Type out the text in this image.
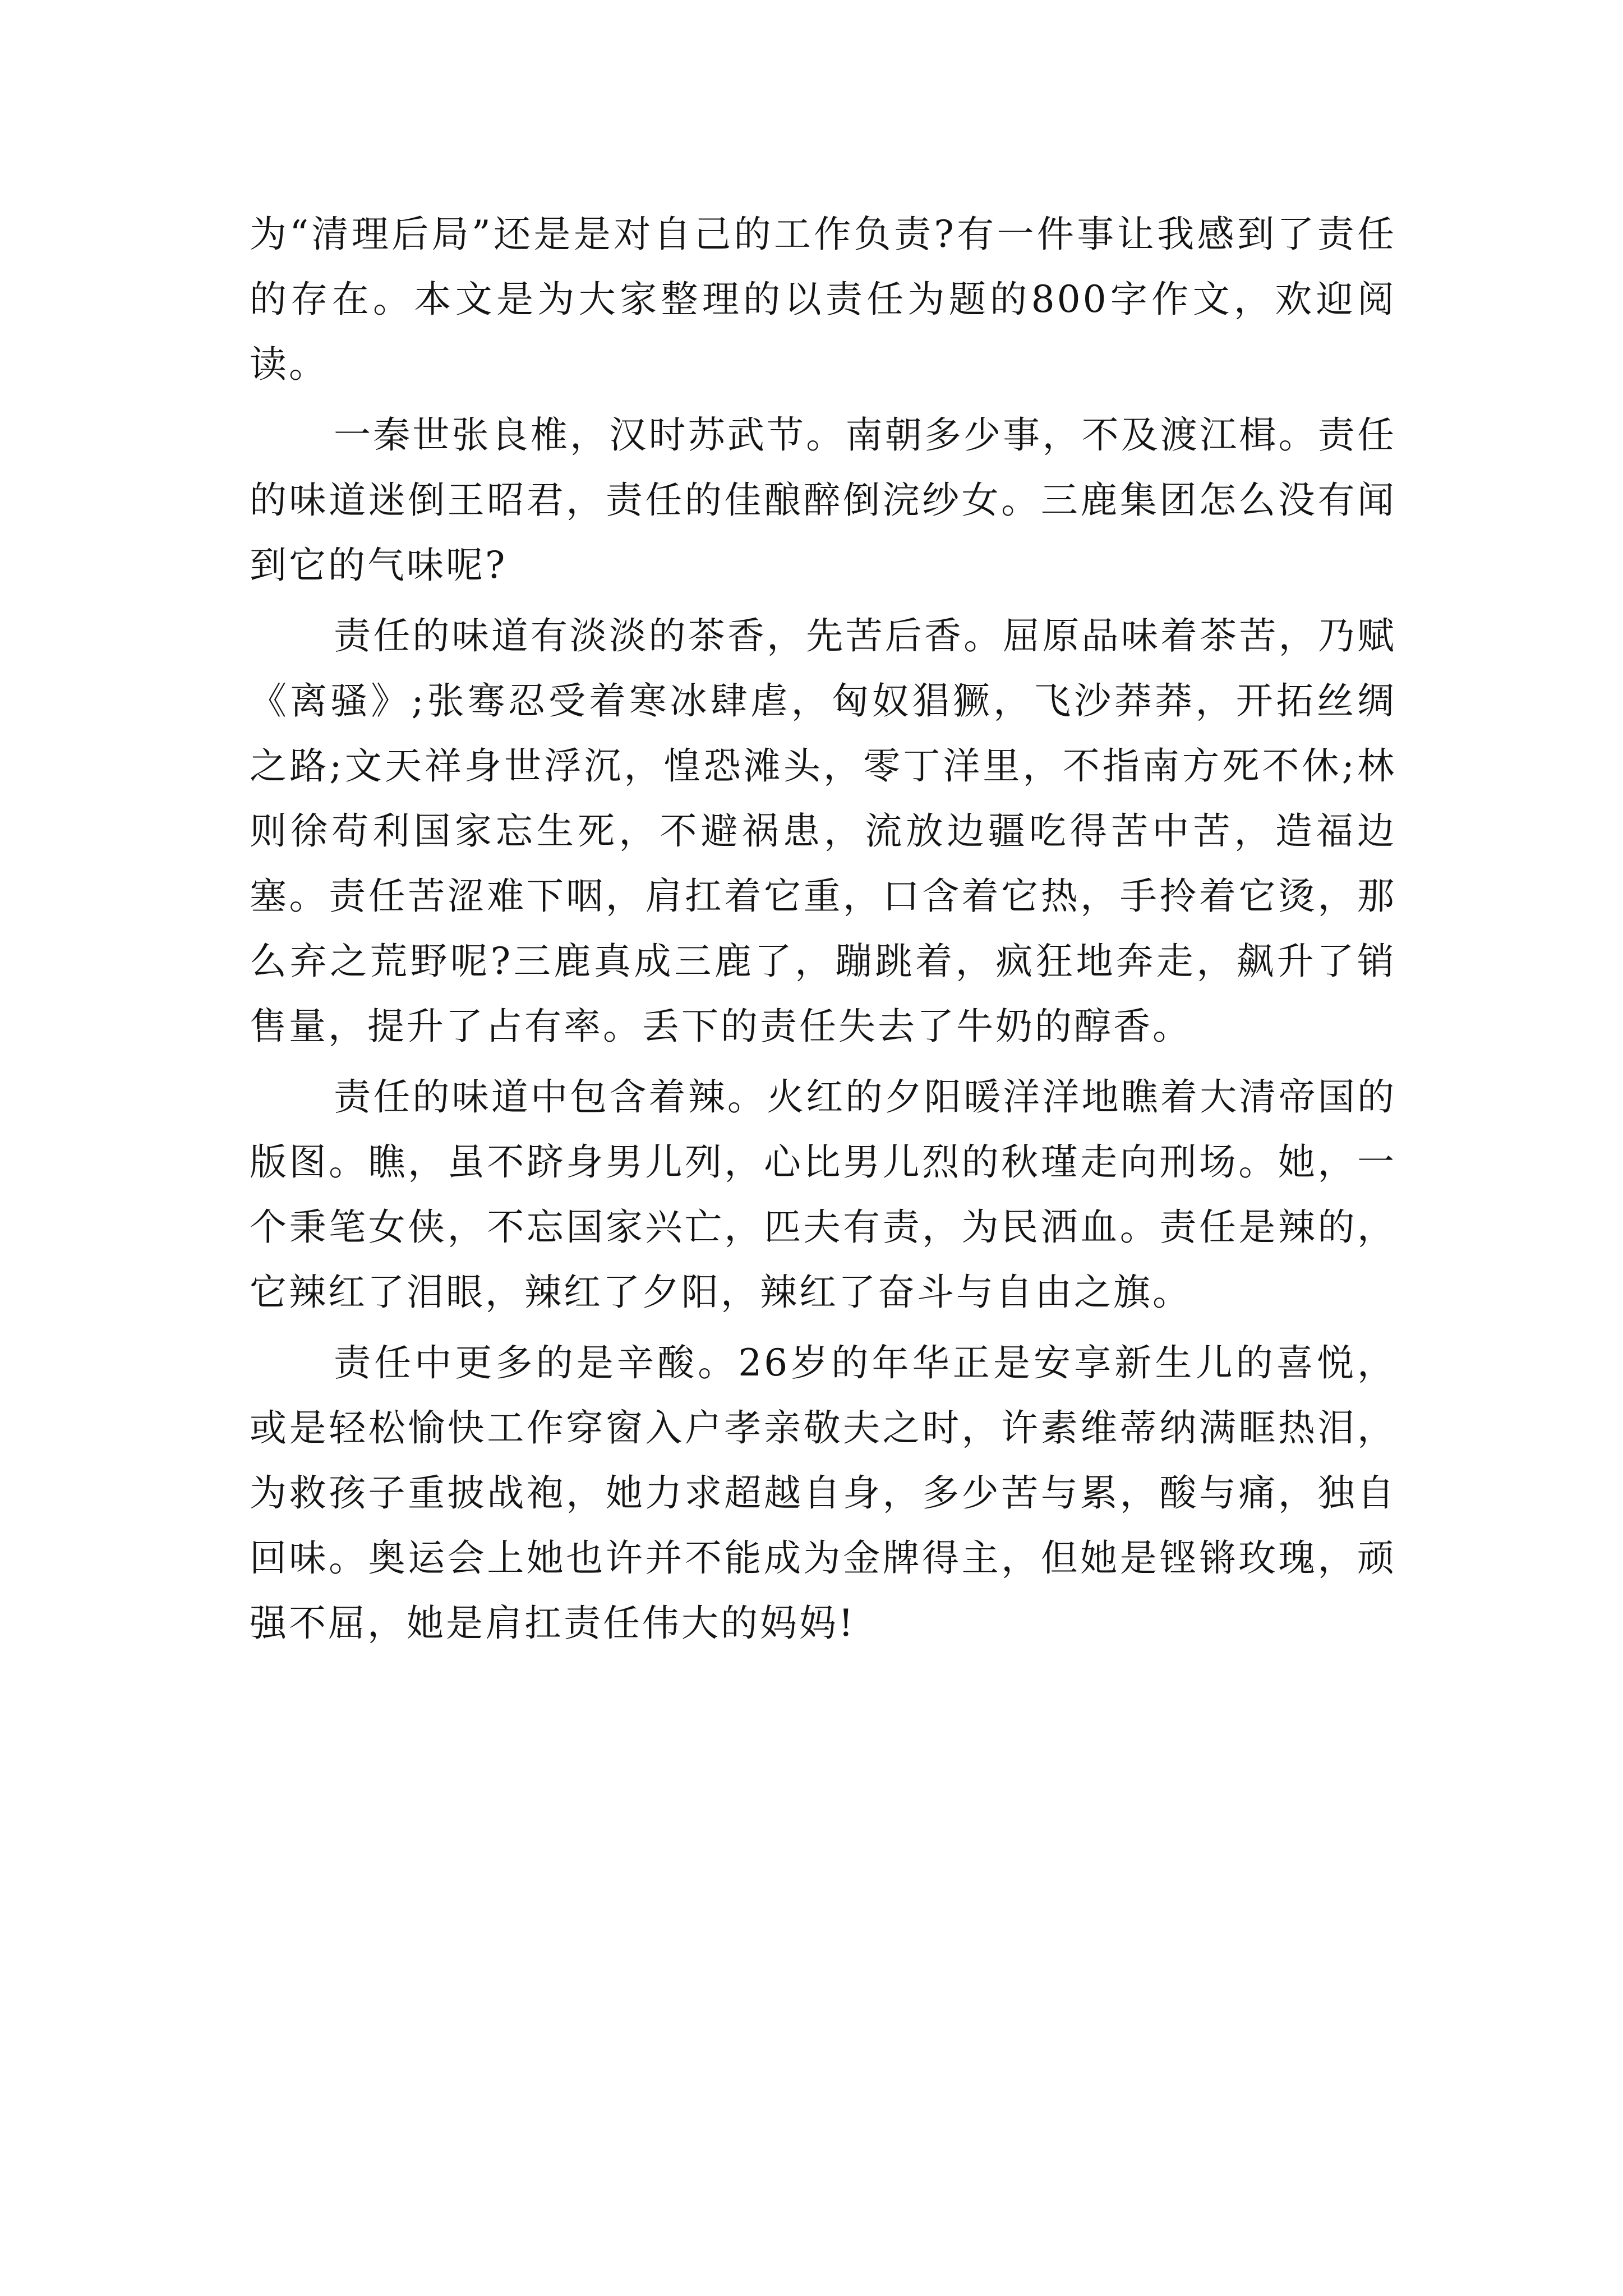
为“清理后局”还是是对自己的工作负责?有一件事让我感到了责任的存在。本文是为大家整理的以责任为题的800字作文，欢迎阅读。

一秦世张良椎，汉时苏武节。南朝多少事，不及渡江楫。责任的味道迷倒王昭君，责任的佳酿醉倒浣纱女。三鹿集团怎么没有闻到它的气味呢?

责任的味道有淡淡的茶香，先苦后香。屈原品味着茶苦，乃赋《离骚》;张骞忍受着寒冰肆虐，匈奴猖獗，飞沙莽莽，开拓丝绸之路;文天祥身世浮沉，惶恐滩头，零丁洋里，不指南方死不休;林则徐苟利国家忘生死，不避祸患，流放边疆吃得苦中苦，造福边塞。责任苦涩难下咽，肩扛着它重，口含着它热，手拎着它烫，那么弃之荒野呢?三鹿真成三鹿了，蹦跳着，疯狂地奔走，飙升了销售量，提升了占有率。丢下的责任失去了牛奶的醇香。

责任的味道中包含着辣。火红的夕阳暖洋洋地瞧着大清帝国的版图。瞧，虽不跻身男儿列，心比男儿烈的秋瑾走向刑场。她，一个秉笔女侠，不忘国家兴亡，匹夫有责，为民洒血。责任是辣的，它辣红了泪眼，辣红了夕阳，辣红了奋斗与自由之旗。

责任中更多的是辛酸。26岁的年华正是安享新生儿的喜悦，或是轻松愉快工作穿窗入户孝亲敬夫之时，许素维蒂纳满眶热泪，为救孩子重披战袍，她力求超越自身，多少苦与累，酸与痛，独自回味。奥运会上她也许并不能成为金牌得主，但她是铿锵玫瑰，顽强不屈，她是肩扛责任伟大的妈妈!
